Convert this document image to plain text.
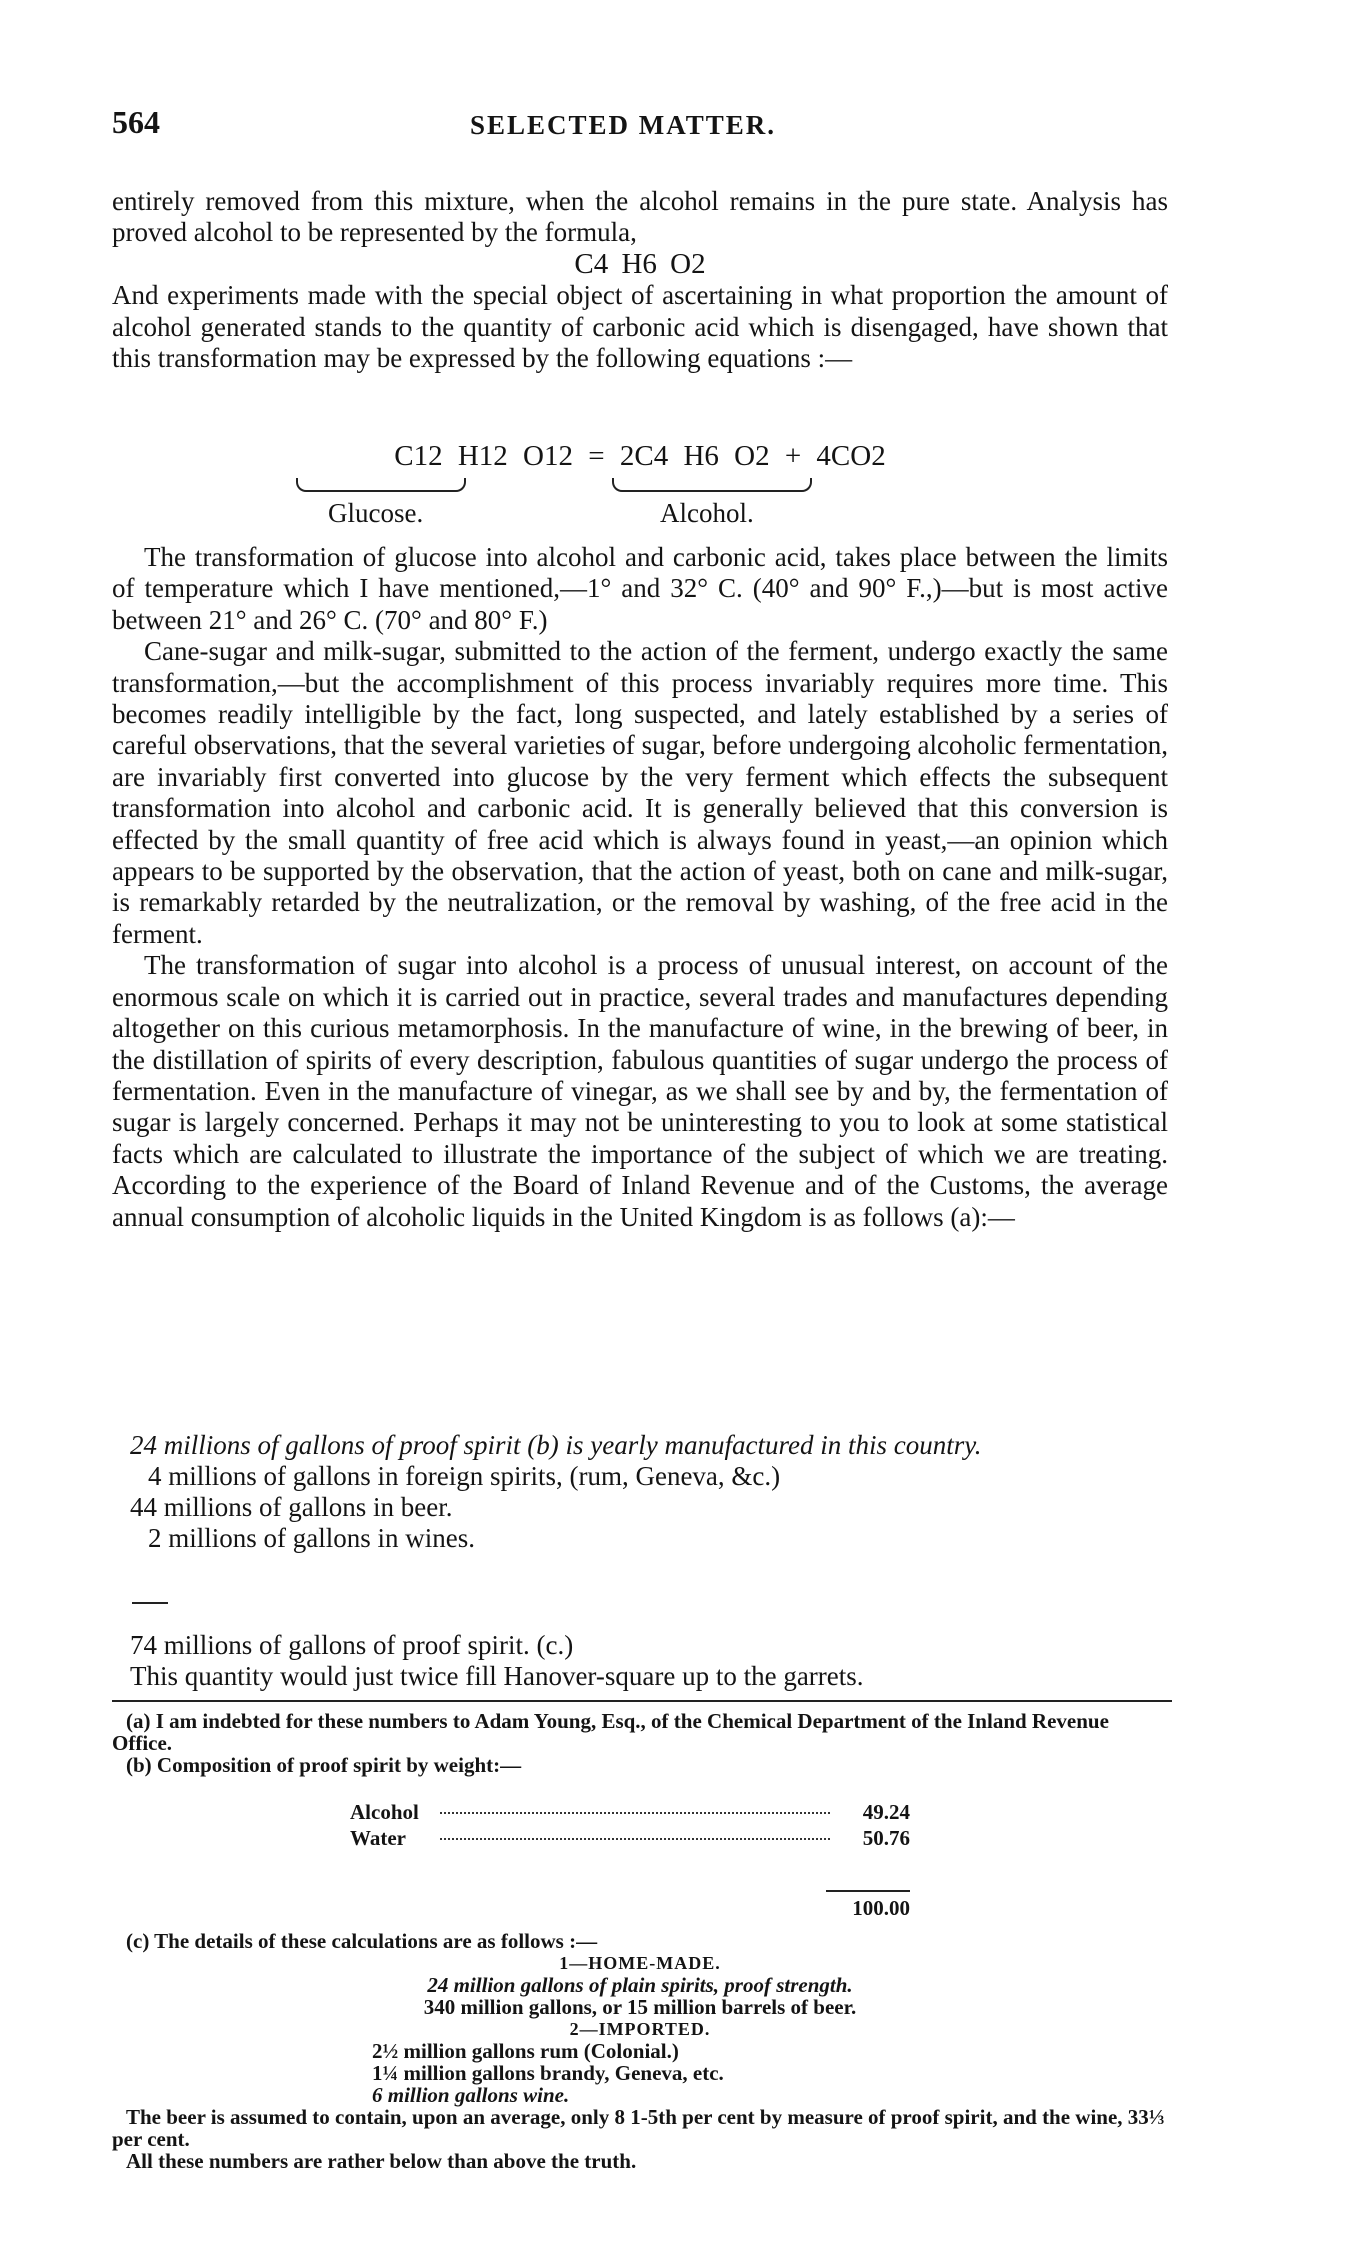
564	SELECTED MATTER.

entirely removed from this mixture, when the alcohol remains in the pure state. Analysis has proved alcohol to be represented by the formula,

C4 H6 O2

And experiments made with the special object of ascertaining in what proportion the amount of alcohol generated stands to the quantity of carbonic acid which is disengaged, have shown that this transformation may be expressed by the following equations :—

C12 H12 O12 = 2C4 H6 O2 + 4CO2
Glucose.	Alcohol.

The transformation of glucose into alcohol and carbonic acid, takes place between the limits of temperature which I have mentioned,—1° and 32° C. (40° and 90° F.,)—but is most active between 21° and 26° C. (70° and 80° F.)

Cane-sugar and milk-sugar, submitted to the action of the ferment, undergo exactly the same transformation,—but the accomplishment of this process invariably requires more time. This becomes readily intelligible by the fact, long suspected, and lately established by a series of careful observations, that the several varieties of sugar, before undergoing alcoholic fermentation, are invariably first converted into glucose by the very ferment which effects the subsequent transformation into alcohol and carbonic acid. It is generally believed that this conversion is effected by the small quantity of free acid which is always found in yeast,—an opinion which appears to be supported by the observation, that the action of yeast, both on cane and milk-sugar, is remarkably retarded by the neutralization, or the removal by washing, of the free acid in the ferment.

The transformation of sugar into alcohol is a process of unusual interest, on account of the enormous scale on which it is carried out in practice, several trades and manufactures depending altogether on this curious metamorphosis. In the manufacture of wine, in the brewing of beer, in the distillation of spirits of every description, fabulous quantities of sugar undergo the process of fermentation. Even in the manufacture of vinegar, as we shall see by and by, the fermentation of sugar is largely concerned. Perhaps it may not be uninteresting to you to look at some statistical facts which are calculated to illustrate the importance of the subject of which we are treating. According to the experience of the Board of Inland Revenue and of the Customs, the average annual consumption of alcoholic liquids in the United Kingdom is as follows (a):—

24 millions of gallons of proof spirit (b) is yearly manufactured in this country.

4 millions of gallons in foreign spirits, (rum, Geneva, &c.)

44 millions of gallons in beer.

2 millions of gallons in wines.

74 millions of gallons of proof spirit. (c.)

This quantity would just twice fill Hanover-square up to the garrets.

(a) I am indebted for these numbers to Adam Young, Esq., of the Chemical Department of the Inland Revenue Office.

(b) Composition of proof spirit by weight:—

Alcohol	49.24
Water	50.76
100.00

(c) The details of these calculations are as follows :—

1—HOME-MADE.

24 million gallons of plain spirits, proof strength.

340 million gallons, or 15 million barrels of beer.

2—IMPORTED.

2½ million gallons rum (Colonial.)

1¼ million gallons brandy, Geneva, etc.

6 million gallons wine.

The beer is assumed to contain, upon an average, only 8 1-5th per cent by measure of proof spirit, and the wine, 33⅓ per cent.

All these numbers are rather below than above the truth.
